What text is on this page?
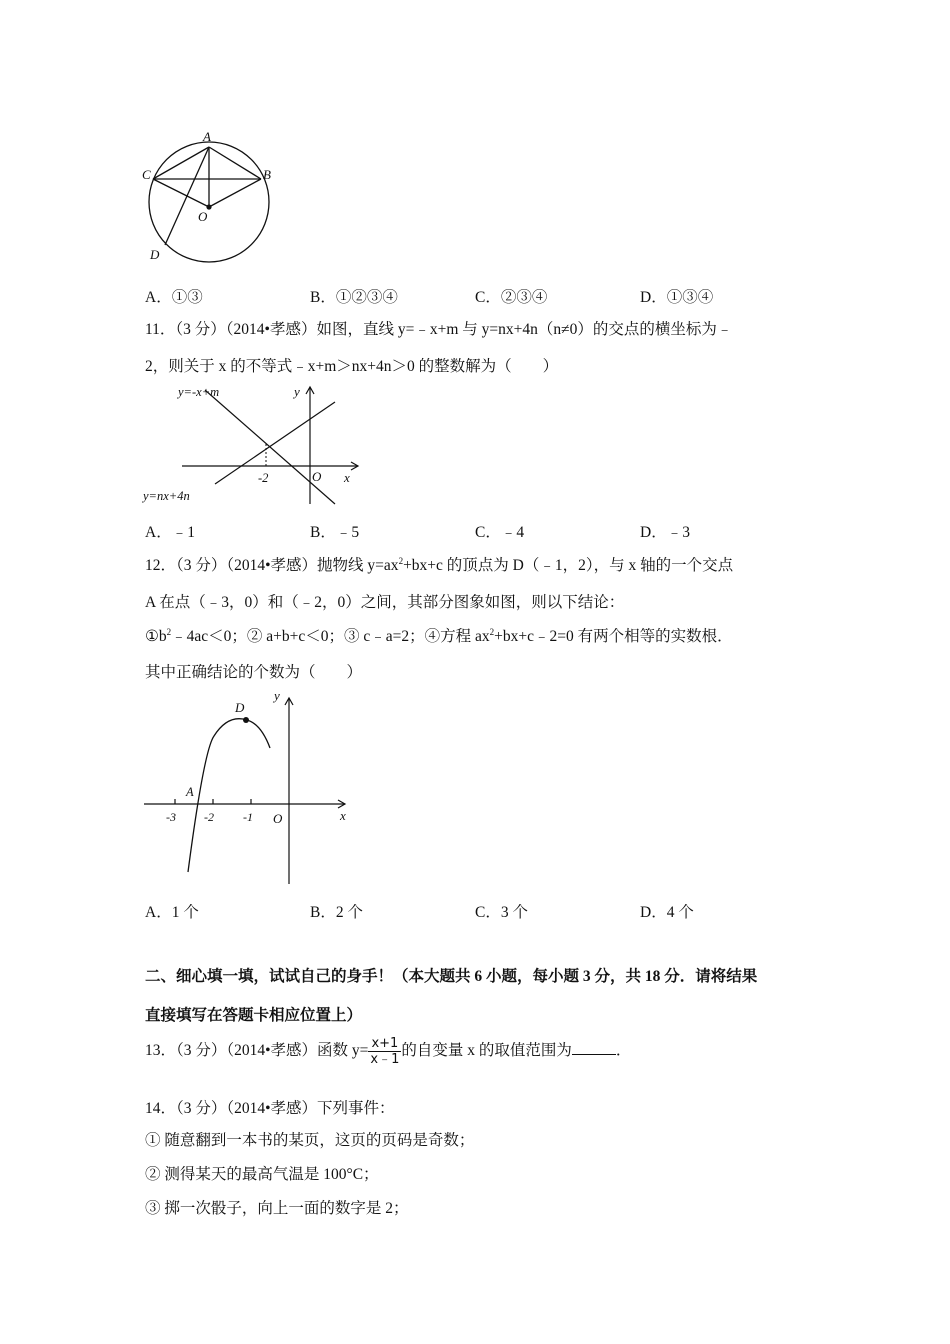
A
B
C
D
O
A．①③	B．①②③④	C．②③④	D．①③④
11．（3 分）（2014•孝感）如图，直线 y=﹣x+m 与 y=nx+4n（n≠0）的交点的横坐标为﹣
2，则关于 x 的不等式﹣x+m＞nx+4n＞0 的整数解为（　　）
y=-x+m
y=nx+4n
y
x
O
-2
A．﹣1	B．﹣5	C．﹣4	D．﹣3
12．（3 分）（2014•孝感）抛物线 $y=ax^2+bx+c$ 的顶点为 D（﹣1，2），与 x 轴的一个交点
A 在点（﹣3，0）和（﹣2，0）之间，其部分图象如图，则以下结论：
$①b^2﹣4ac<0$；② a+b+c＜0；③ c﹣a=2；④方程 $ax^2+bx+c﹣2=0$ 有两个相等的实数根．
其中正确结论的个数为（　　）
D
y
A
x
O
-3 -2 -1
A．1 个	B．2 个	C．3 个	D．4 个
二、细心填一填，试试自己的身手！（本大题共 6 小题，每小题 3 分，共 18 分．请将结果
直接填写在答题卡相应位置上）
13．（3 分）（2014•孝感）函数 $y= \frac{x+1}{x﹣1}$ 的自变量 x 的取值范围为	．
14．（3 分）（2014•孝感）下列事件：
① 随意翻到一本书的某页，这页的页码是奇数；
② 测得某天的最高气温是 100°C；
③ 掷一次骰子，向上一面的数字是 2；
